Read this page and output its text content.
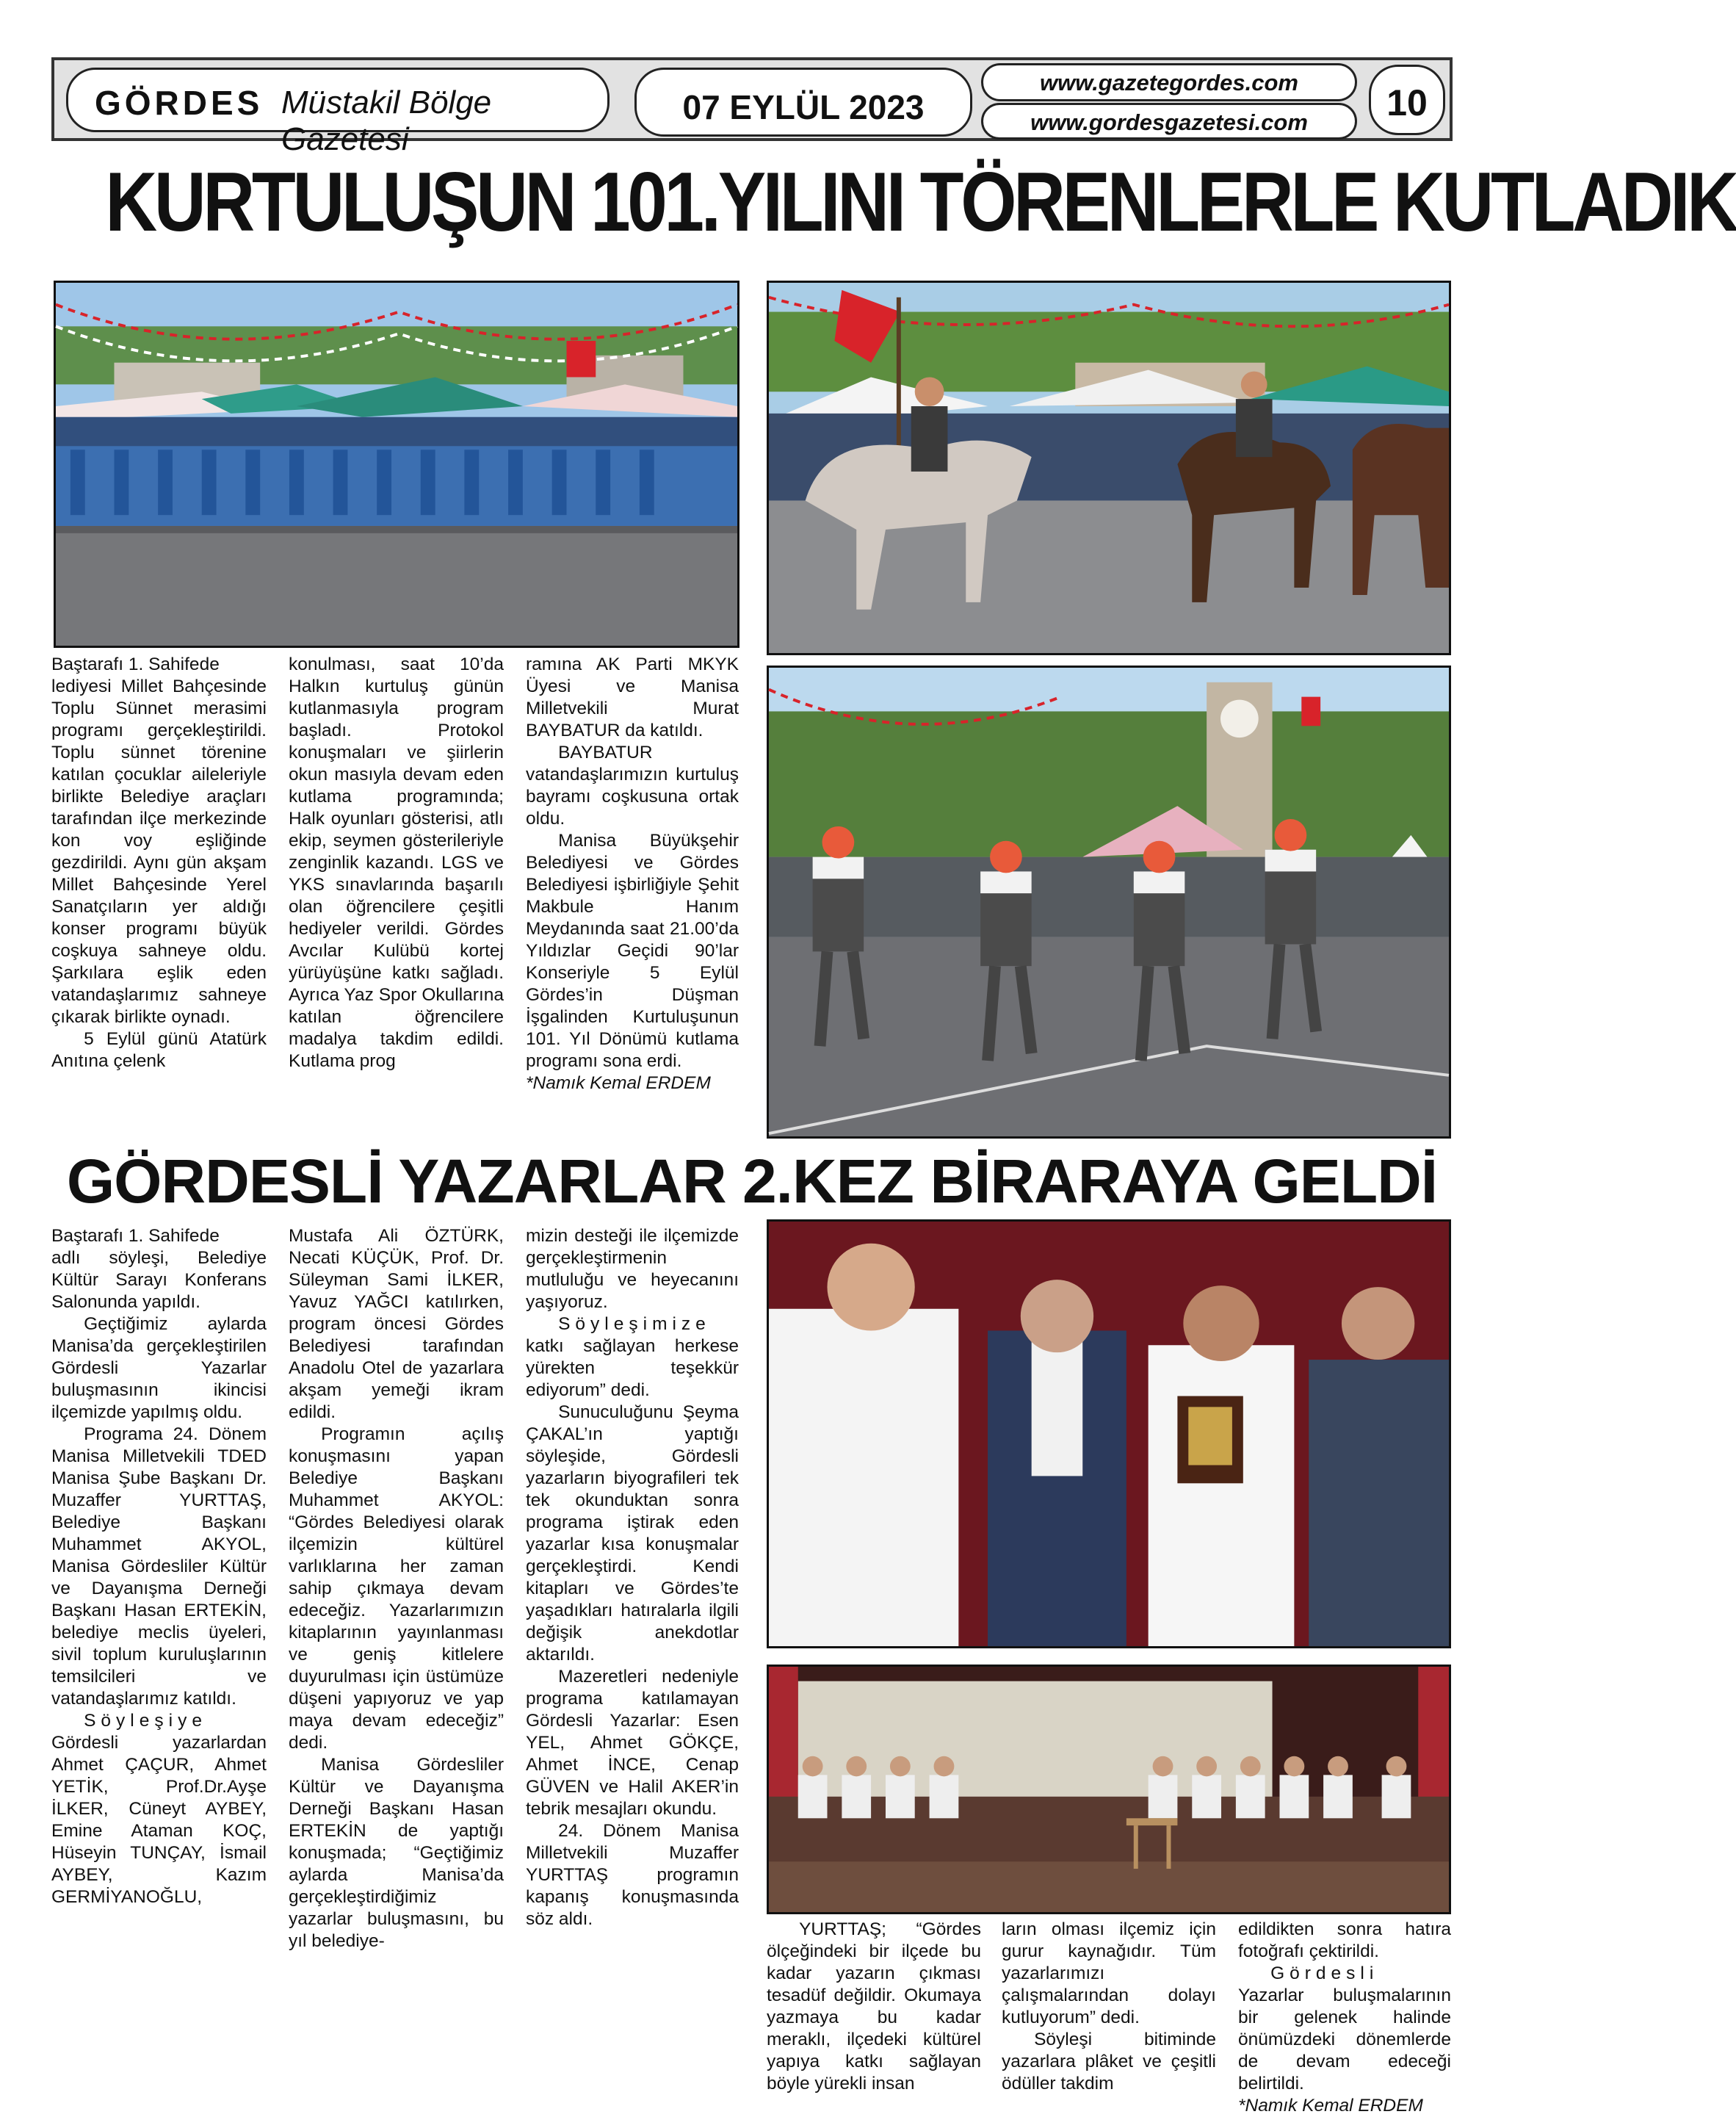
GÖRDES Müstakil Bölge Gazetesi
07 EYLÜL 2023
www.gazetegordes.com
www.gordesgazetesi.com	10
KURTULUŞUN 101.YILINI TÖRENLERLE KUTLADIK

Baştarafı 1. Sahifede

lediyesi Millet Bahçesinde Toplu Sünnet merasimi programı gerçekleştirildi. Toplu sünnet törenine katılan çocuklar aileleriyle birlikte Belediye araçları tarafından ilçe merkezinde kon voy eşliğinde gezdirildi. Aynı gün akşam Millet Bahçesinde Yerel Sanatçıların yer aldığı konser programı büyük coşkuya sahneye oldu. Şarkılara eşlik eden vatandaşlarımız sahneye çıkarak birlikte oynadı.

5 Eylül günü Atatürk Anıtına çelenk

konulması, saat 10’da Halkın kurtuluş günün kutlanmasıyla program başladı. Protokol konuşmaları ve şiirlerin okun masıyla devam eden kutlama programında; Halk oyunları gösterisi, atlı ekip, seymen gösterileriyle zenginlik kazandı. LGS ve YKS sınavlarında başarılı olan öğrencilere çeşitli hediyeler verildi. Gördes Avcılar Kulübü kortej yürüyüşüne katkı sağladı. Ayrıca Yaz Spor Okullarına katılan öğrencilere madalya takdim edildi. Kutlama prog

ramına AK Parti MKYK Üyesi ve Manisa Milletvekili Murat BAYBATUR da katıldı.

BAYBATUR vatandaşlarımızın kurtuluş bayramı coşkusuna ortak oldu.

Manisa Büyükşehir Belediyesi ve Gördes Belediyesi işbirliğiyle Şehit Makbule Hanım Meydanında saat 21.00’da Yıldızlar Geçidi 90’lar Konseriyle 5 Eylül Gördes’in Düşman İşgalinden Kurtuluşunun 101. Yıl Dönümü kutlama programı sona erdi.

*Namık Kemal ERDEM

GÖRDESLİ YAZARLAR 2.KEZ BİRARAYA GELDİ

Baştarafı 1. Sahifede

adlı söyleşi, Belediye Kültür Sarayı Konferans Salonunda yapıldı.

Geçtiğimiz aylarda Manisa’da gerçekleştirilen Gördesli Yazarlar buluşmasının ikincisi ilçemizde yapılmış oldu.

Programa 24. Dönem Manisa Milletvekili TDED Manisa Şube Başkanı Dr. Muzaffer YURTTAŞ, Belediye Başkanı Muhammet AKYOL, Manisa Gördesliler Kültür ve Dayanışma Derneği Başkanı Hasan ERTEKİN, belediye meclis üyeleri, sivil toplum kuruluşlarının temsilcileri ve vatandaşlarımız katıldı.

Söyleşiye

Gördesli yazarlardan Ahmet ÇAÇUR, Ahmet YETİK, Prof.Dr.Ayşe İLKER, Cüneyt AYBEY, Emine Ataman KOÇ, Hüseyin TUNÇAY, İsmail AYBEY, Kazım GERMİYANOĞLU,

Mustafa Ali ÖZTÜRK, Necati KÜÇÜK, Prof. Dr. Süleyman Sami İLKER, Yavuz YAĞCI katılırken, program öncesi Gördes Belediyesi tarafından Anadolu Otel de yazarlara akşam yemeği ikram edildi.

Programın açılış konuşmasını yapan Belediye Başkanı Muhammet AKYOL: “Gördes Belediyesi olarak ilçemizin kültürel varlıklarına her zaman sahip çıkmaya devam edeceğiz. Yazarlarımızın kitaplarının yayınlanması ve geniş kitlelere duyurulması için üstümüze düşeni yapıyoruz ve yap maya devam edeceğiz” dedi.

Manisa Gördesliler Kültür ve Dayanışma Derneği Başkanı Hasan ERTEKİN de yaptığı konuşmada; “Geçtiğimiz aylarda Manisa’da gerçekleştirdiğimiz yazarlar buluşmasını, bu yıl belediye-

mizin desteği ile ilçemizde gerçekleştirmenin mutluluğu ve heyecanını yaşıyoruz.

Söyleşimize

katkı sağlayan herkese yürekten teşekkür ediyorum” dedi.

Sunuculuğunu Şeyma ÇAKAL’ın yaptığı söyleşide, Gördesli yazarların biyografileri tek tek okunduktan sonra programa iştirak eden yazarlar kısa konuşmalar gerçekleştirdi. Kendi kitapları ve Gördes’te yaşadıkları hatıralarla ilgili değişik anekdotlar aktarıldı.

Mazeretleri nedeniyle programa katılamayan Gördesli Yazarlar: Esen YEL, Ahmet GÖKÇE, Ahmet İNCE, Cenap GÜVEN ve Halil AKER’in tebrik mesajları okundu.

24. Dönem Manisa Milletvekili Muzaffer YURTTAŞ programın kapanış konuşmasında söz aldı.

YURTTAŞ; “Gördes ölçeğindeki bir ilçede bu kadar yazarın çıkması tesadüf değildir. Okumaya yazmaya bu kadar meraklı, ilçedeki kültürel yapıya katkı sağlayan böyle yürekli insan

ların olması ilçemiz için gurur kaynağıdır. Tüm yazarlarımızı çalışmalarından dolayı kutluyorum” dedi.

Söyleşi bitiminde yazarlara plâket ve çeşitli ödüller takdim

edildikten sonra hatıra fotoğrafı çektirildi.

Gördesli

Yazarlar buluşmalarının bir gelenek halinde önümüzdeki dönemlerde de devam edeceği belirtildi.

*Namık Kemal ERDEM
